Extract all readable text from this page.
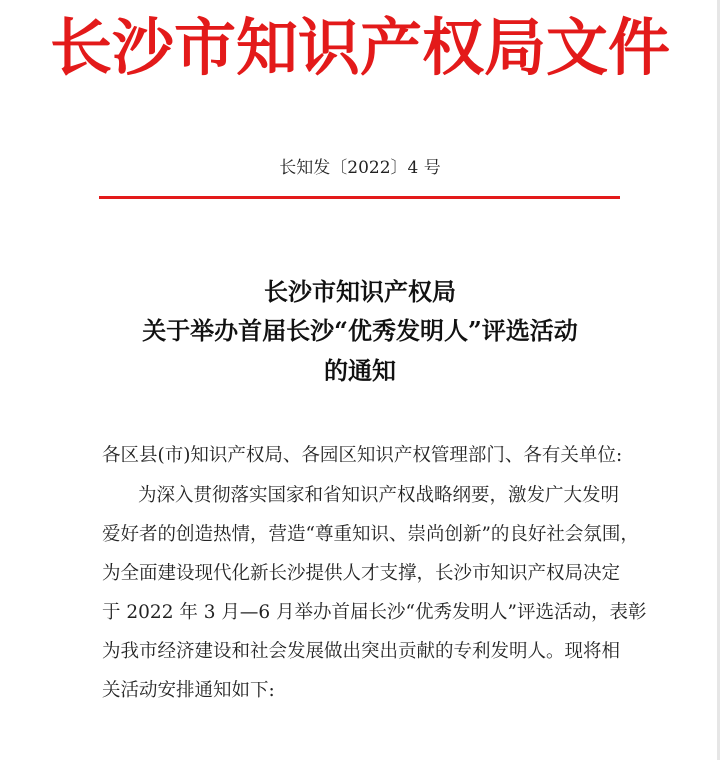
长沙市知识产权局文件
长知发〔2022〕4 号
长沙市知识产权局
关于举办首届长沙“优秀发明人”评选活动
的通知
各区县(市)知识产权局、各园区知识产权管理部门、各有关单位:
为深入贯彻落实国家和省知识产权战略纲要，激发广大发明
爱好者的创造热情，营造“尊重知识、崇尚创新”的良好社会氛围，
为全面建设现代化新长沙提供人才支撑，长沙市知识产权局决定
于 2022 年 3 月—6 月举办首届长沙“优秀发明人”评选活动，表彰
为我市经济建设和社会发展做出突出贡献的专利发明人。现将相
关活动安排通知如下:
